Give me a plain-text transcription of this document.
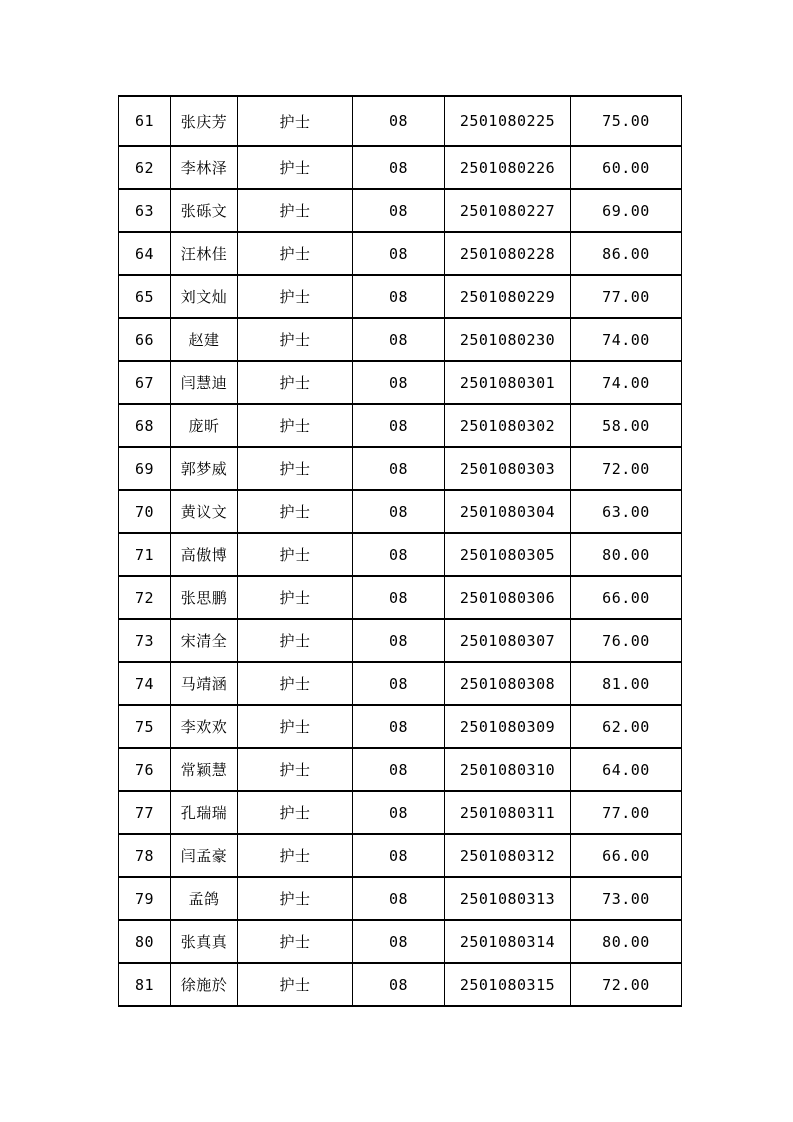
61	张庆芳	护士	08	2501080225	75.00
62	李林泽	护士	08	2501080226	60.00
63	张砾文	护士	08	2501080227	69.00
64	汪林佳	护士	08	2501080228	86.00
65	刘文灿	护士	08	2501080229	77.00
66	赵建	护士	08	2501080230	74.00
67	闫慧迪	护士	08	2501080301	74.00
68	庞昕	护士	08	2501080302	58.00
69	郭梦威	护士	08	2501080303	72.00
70	黄议文	护士	08	2501080304	63.00
71	高傲博	护士	08	2501080305	80.00
72	张思鹏	护士	08	2501080306	66.00
73	宋清全	护士	08	2501080307	76.00
74	马靖涵	护士	08	2501080308	81.00
75	李欢欢	护士	08	2501080309	62.00
76	常颖慧	护士	08	2501080310	64.00
77	孔瑞瑞	护士	08	2501080311	77.00
78	闫孟豪	护士	08	2501080312	66.00
79	孟鸽	护士	08	2501080313	73.00
80	张真真	护士	08	2501080314	80.00
81	徐施於	护士	08	2501080315	72.00
